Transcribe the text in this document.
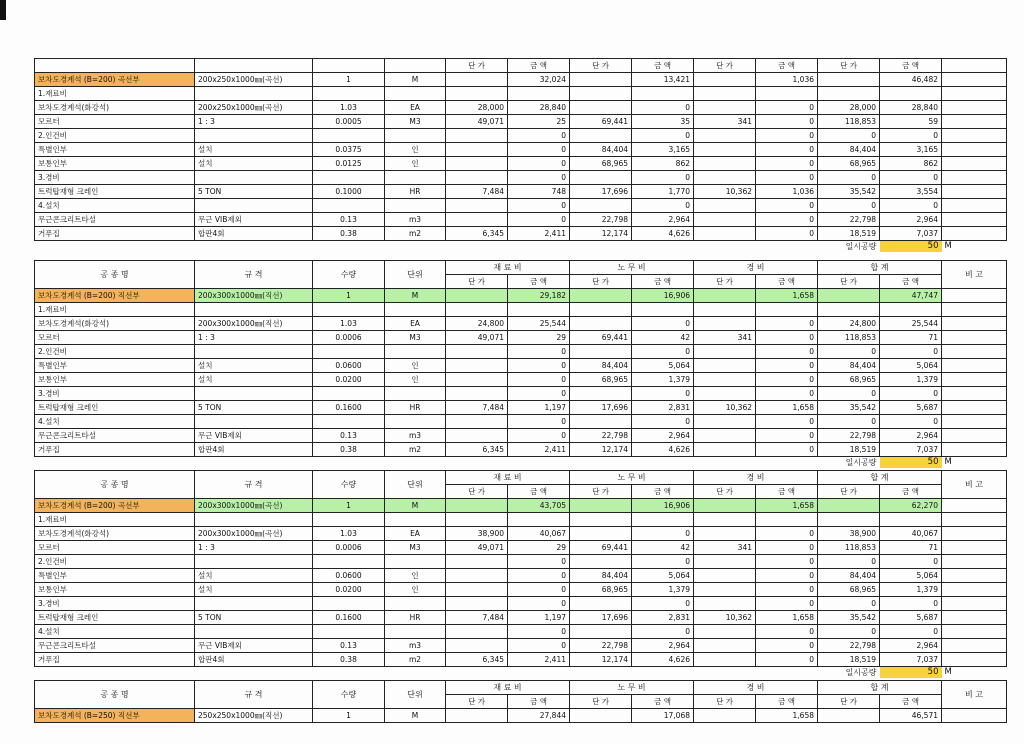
				단 가	금 액	단 가	금 액	단 가	금 액	단 가	금 액	
보차도경계석 (B=200) 곡선부	200x250x1000㎜(곡선)	1	M		32,024		13,421		1,036		46,482	
1.재료비												
보차도경계석(화강석)	200x250x1000㎜(곡선)	1.03	EA	28,000	28,840		0		0	28,000	28,840	
모르터	1 : 3	0.0005	M3	49,071	25	69,441	35	341	0	118,853	59	
2.인건비					0		0		0	0	0	
특별인부	설치	0.0375	인		0	84,404	3,165		0	84,404	3,165	
보통인부	설치	0.0125	인		0	68,965	862		0	68,965	862	
3.경비					0		0		0	0	0	
트럭탑재형 크레인	5 TON	0.1000	HR	7,484	748	17,696	1,770	10,362	1,036	35,542	3,554	
4.설치					0		0		0	0	0	
무근콘크리트타설	무근 VIB제외	0.13	m3		0	22,798	2,964		0	22,798	2,964	
거푸집	합판4회	0.38	m2	6,345	2,411	12,174	4,626		0	18,519	7,037	
										일시공량	50	M
공 종 명	규 격	수량	단위	재 료 비		노 무 비		경 비		합 계		비 고
				단 가	금 액	단 가	금 액	단 가	금 액	단 가	금 액	
보차도경계석 (B=200) 직선부	200x300x1000㎜(직선)	1	M		29,182		16,906		1,658		47,747	
1.재료비												
보차도경계석(화강석)	200x300x1000㎜(직선)	1.03	EA	24,800	25,544		0		0	24,800	25,544	
모르터	1 : 3	0.0006	M3	49,071	29	69,441	42	341	0	118,853	71	
2.인건비					0		0		0	0	0	
특별인부	설치	0.0600	인		0	84,404	5,064		0	84,404	5,064	
보통인부	설치	0.0200	인		0	68,965	1,379		0	68,965	1,379	
3.경비					0		0		0	0	0	
트럭탑재형 크레인	5 TON	0.1600	HR	7,484	1,197	17,696	2,831	10,362	1,658	35,542	5,687	
4.설치					0		0		0	0	0	
무근콘크리트타설	무근 VIB제외	0.13	m3		0	22,798	2,964		0	22,798	2,964	
거푸집	합판4회	0.38	m2	6,345	2,411	12,174	4,626		0	18,519	7,037	
										일시공량	50	M
공 종 명	규 격	수량	단위	재 료 비		노 무 비		경 비		합 계		비 고
				단 가	금 액	단 가	금 액	단 가	금 액	단 가	금 액	
보차도경계석 (B=200) 곡선부	200x300x1000㎜(곡선)	1	M		43,705		16,906		1,658		62,270	
1.재료비												
보차도경계석(화강석)	200x300x1000㎜(곡선)	1.03	EA	38,900	40,067		0		0	38,900	40,067	
모르터	1 : 3	0.0006	M3	49,071	29	69,441	42	341	0	118,853	71	
2.인건비					0		0		0	0	0	
특별인부	설치	0.0600	인		0	84,404	5,064		0	84,404	5,064	
보통인부	설치	0.0200	인		0	68,965	1,379		0	68,965	1,379	
3.경비					0		0		0	0	0	
트럭탑재형 크레인	5 TON	0.1600	HR	7,484	1,197	17,696	2,831	10,362	1,658	35,542	5,687	
4.설치					0		0		0	0	0	
무근콘크리트타설	무근 VIB제외	0.13	m3		0	22,798	2,964		0	22,798	2,964	
거푸집	합판4회	0.38	m2	6,345	2,411	12,174	4,626		0	18,519	7,037	
										일시공량	50	M
공 종 명	규 격	수량	단위	재 료 비		노 무 비		경 비		합 계		비 고
				단 가	금 액	단 가	금 액	단 가	금 액	단 가	금 액	
보차도경계석 (B=250) 직선부	250x250x1000㎜(직선)	1	M		27,844		17,068		1,658		46,571	
